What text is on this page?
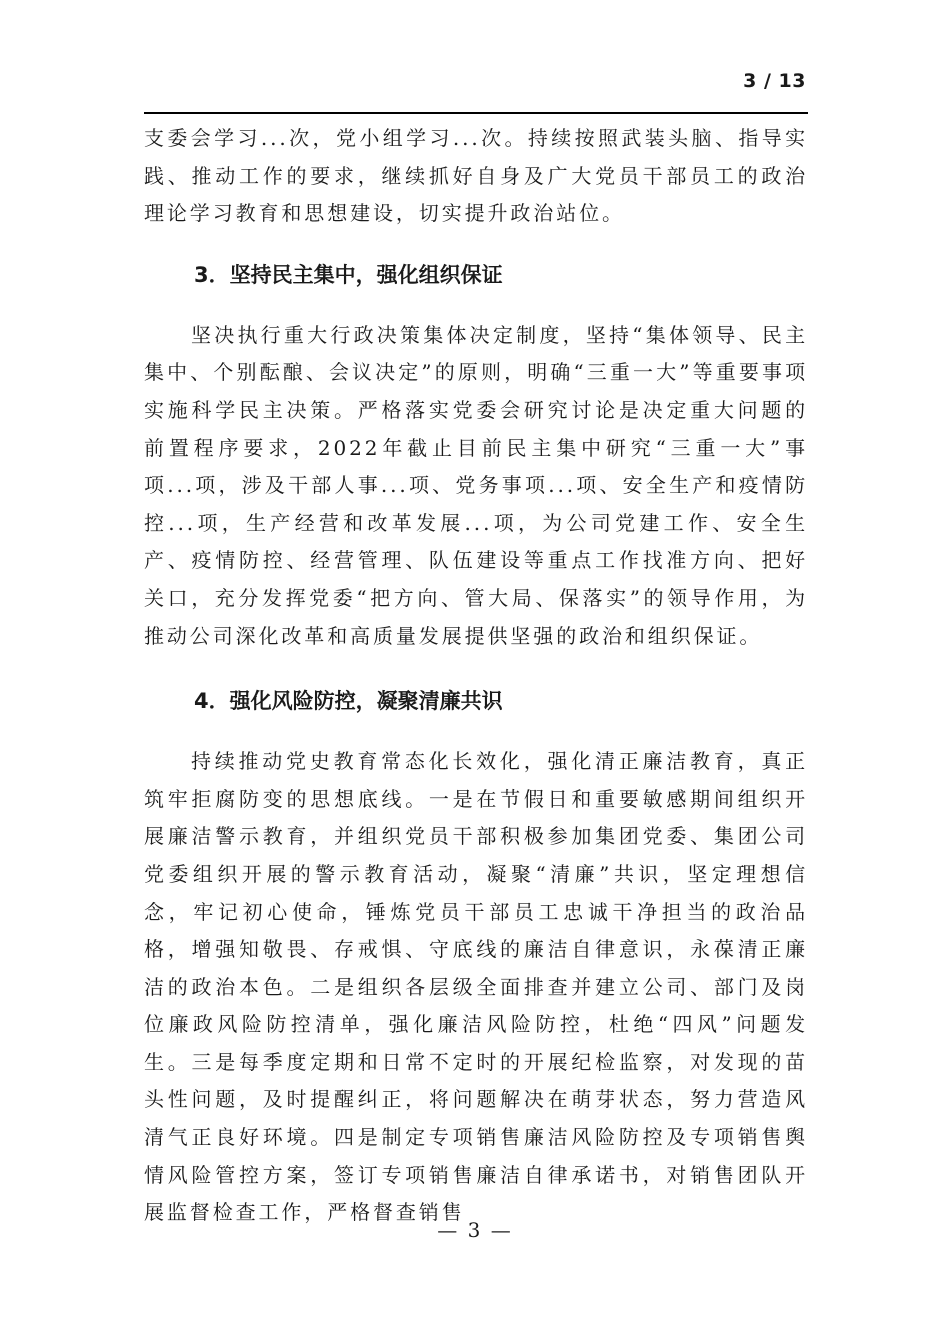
3 / 13

支委会学习...次，党小组学习...次。持续按照武装头脑、指导实践、推动工作的要求，继续抓好自身及广大党员干部员工的政治理论学习教育和思想建设，切实提升政治站位。

3．坚持民主集中，强化组织保证

坚决执行重大行政决策集体决定制度，坚持“集体领导、民主集中、个别酝酿、会议决定”的原则，明确“三重一大”等重要事项实施科学民主决策。严格落实党委会研究讨论是决定重大问题的前置程序要求，2022年截止目前民主集中研究“三重一大”事项...项，涉及干部人事...项、党务事项...项、安全生产和疫情防控...项，生产经营和改革发展...项，为公司党建工作、安全生产、疫情防控、经营管理、队伍建设等重点工作找准方向、把好关口，充分发挥党委“把方向、管大局、保落实”的领导作用，为推动公司深化改革和高质量发展提供坚强的政治和组织保证。

4．强化风险防控，凝聚清廉共识

持续推动党史教育常态化长效化，强化清正廉洁教育，真正筑牢拒腐防变的思想底线。一是在节假日和重要敏感期间组织开展廉洁警示教育，并组织党员干部积极参加集团党委、集团公司党委组织开展的警示教育活动，凝聚“清廉”共识，坚定理想信念，牢记初心使命，锤炼党员干部员工忠诚干净担当的政治品格，增强知敬畏、存戒惧、守底线的廉洁自律意识，永葆清正廉洁的政治本色。二是组织各层级全面排查并建立公司、部门及岗位廉政风险防控清单，强化廉洁风险防控，杜绝“四风”问题发生。三是每季度定期和日常不定时的开展纪检监察，对发现的苗头性问题，及时提醒纠正，将问题解决在萌芽状态，努力营造风清气正良好环境。四是制定专项销售廉洁风险防控及专项销售舆情风险管控方案，签订专项销售廉洁自律承诺书，对销售团队开展监督检查工作，严格督查销售

— 3 —
